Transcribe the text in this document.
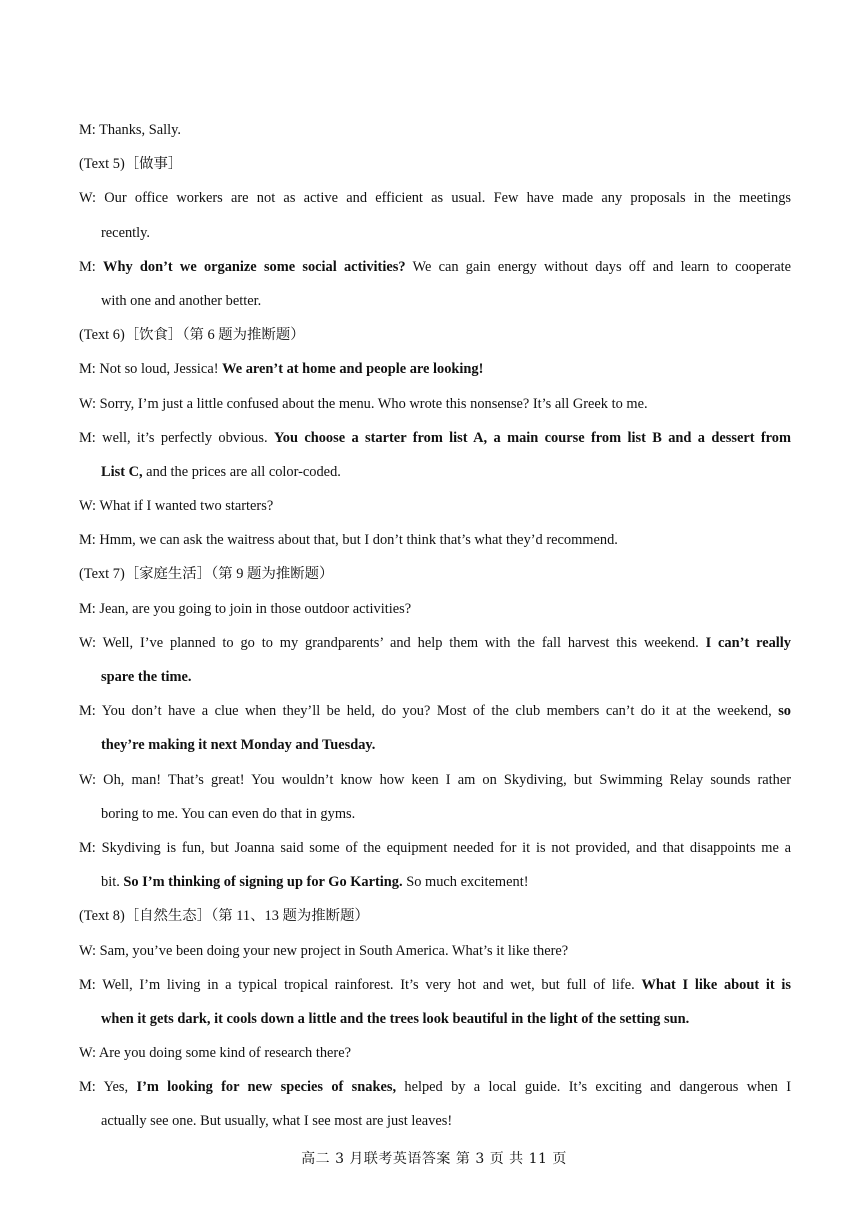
M: Thanks, Sally.
(Text 5)［做事］
W: Our office workers are not as active and efficient as usual. Few have made any proposals in the meetings
recently.
M: Why don’t we organize some social activities? We can gain energy without days off and learn to cooperate
with one and another better.
(Text 6)［饮食］（第 6 题为推断题）
M: Not so loud, Jessica! We aren’t at home and people are looking!
W: Sorry, I’m just a little confused about the menu. Who wrote this nonsense? It’s all Greek to me.
M: well, it’s perfectly obvious. You choose a starter from list A, a main course from list B and a dessert from
List C, and the prices are all color-coded.
W: What if I wanted two starters?
M: Hmm, we can ask the waitress about that, but I don’t think that’s what they’d recommend.
(Text 7)［家庭生活］（第 9 题为推断题）
M: Jean, are you going to join in those outdoor activities?
W: Well, I’ve planned to go to my grandparents’ and help them with the fall harvest this weekend. I can’t really
spare the time.
M: You don’t have a clue when they’ll be held, do you? Most of the club members can’t do it at the weekend, so
they’re making it next Monday and Tuesday.
W: Oh, man! That’s great! You wouldn’t know how keen I am on Skydiving, but Swimming Relay sounds rather
boring to me. You can even do that in gyms.
M: Skydiving is fun, but Joanna said some of the equipment needed for it is not provided, and that disappoints me a
bit. So I’m thinking of signing up for Go Karting. So much excitement!
(Text 8)［自然生态］（第 11、13 题为推断题）
W: Sam, you’ve been doing your new project in South America. What’s it like there?
M: Well, I’m living in a typical tropical rainforest. It’s very hot and wet, but full of life. What I like about it is
when it gets dark, it cools down a little and the trees look beautiful in the light of the setting sun.
W: Are you doing some kind of research there?
M: Yes, I’m looking for new species of snakes, helped by a local guide. It’s exciting and dangerous when I
actually see one. But usually, what I see most are just leaves!
高二 3 月联考英语答案 第 3 页 共 11 页
